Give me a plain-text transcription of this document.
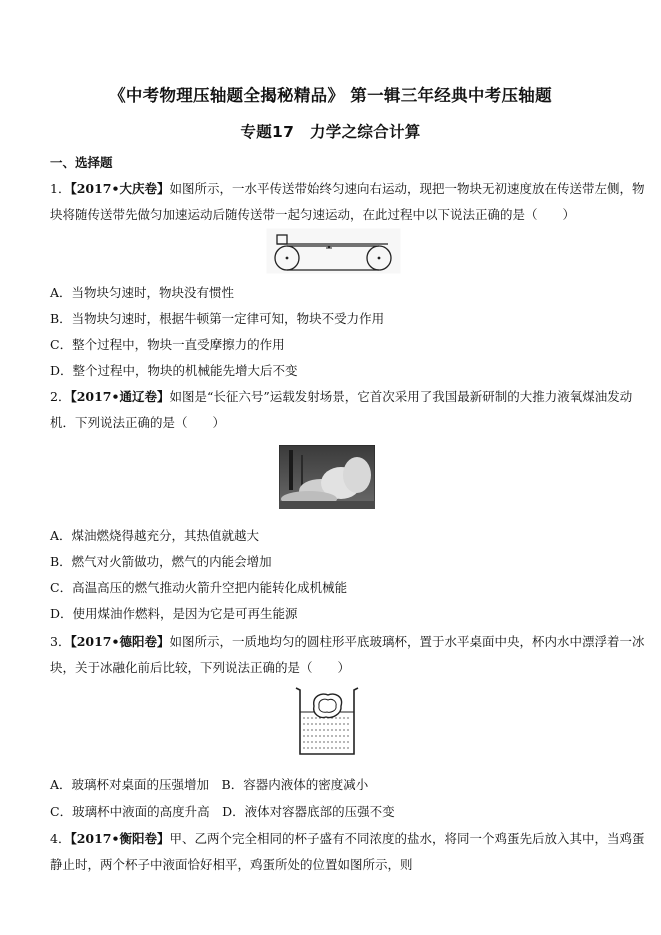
《中考物理压轴题全揭秘精品》 第一辑三年经典中考压轴题
专题17　力学之综合计算
一、选择题
1．【2017•大庆卷】如图所示，一水平传送带始终匀速向右运动，现把一物块无初速度放在传送带左侧，物
块将随传送带先做匀加速运动后随传送带一起匀速运动，在此过程中以下说法正确的是（　　）
A．当物块匀速时，物块没有惯性
B．当物块匀速时，根据牛顿第一定律可知，物块不受力作用
C．整个过程中，物块一直受摩擦力的作用
D．整个过程中，物块的机械能先增大后不变
2．【2017•通辽卷】如图是“长征六号”运载发射场景，它首次采用了我国最新研制的大推力液氧煤油发动
机．下列说法正确的是（　　）
A．煤油燃烧得越充分，其热值就越大
B．燃气对火箭做功，燃气的内能会增加
C．高温高压的燃气推动火箭升空把内能转化成机械能
D．使用煤油作燃料，是因为它是可再生能源
3．【2017•德阳卷】如图所示，一质地均匀的圆柱形平底玻璃杯，置于水平桌面中央，杯内水中漂浮着一冰
块，关于冰融化前后比较，下列说法正确的是（　　）
A．玻璃杯对桌面的压强增加　B．容器内液体的密度减小
C．玻璃杯中液面的高度升高　D．液体对容器底部的压强不变
4．【2017•衡阳卷】甲、乙两个完全相同的杯子盛有不同浓度的盐水，将同一个鸡蛋先后放入其中，当鸡蛋
静止时，两个杯子中液面恰好相平，鸡蛋所处的位置如图所示，则
